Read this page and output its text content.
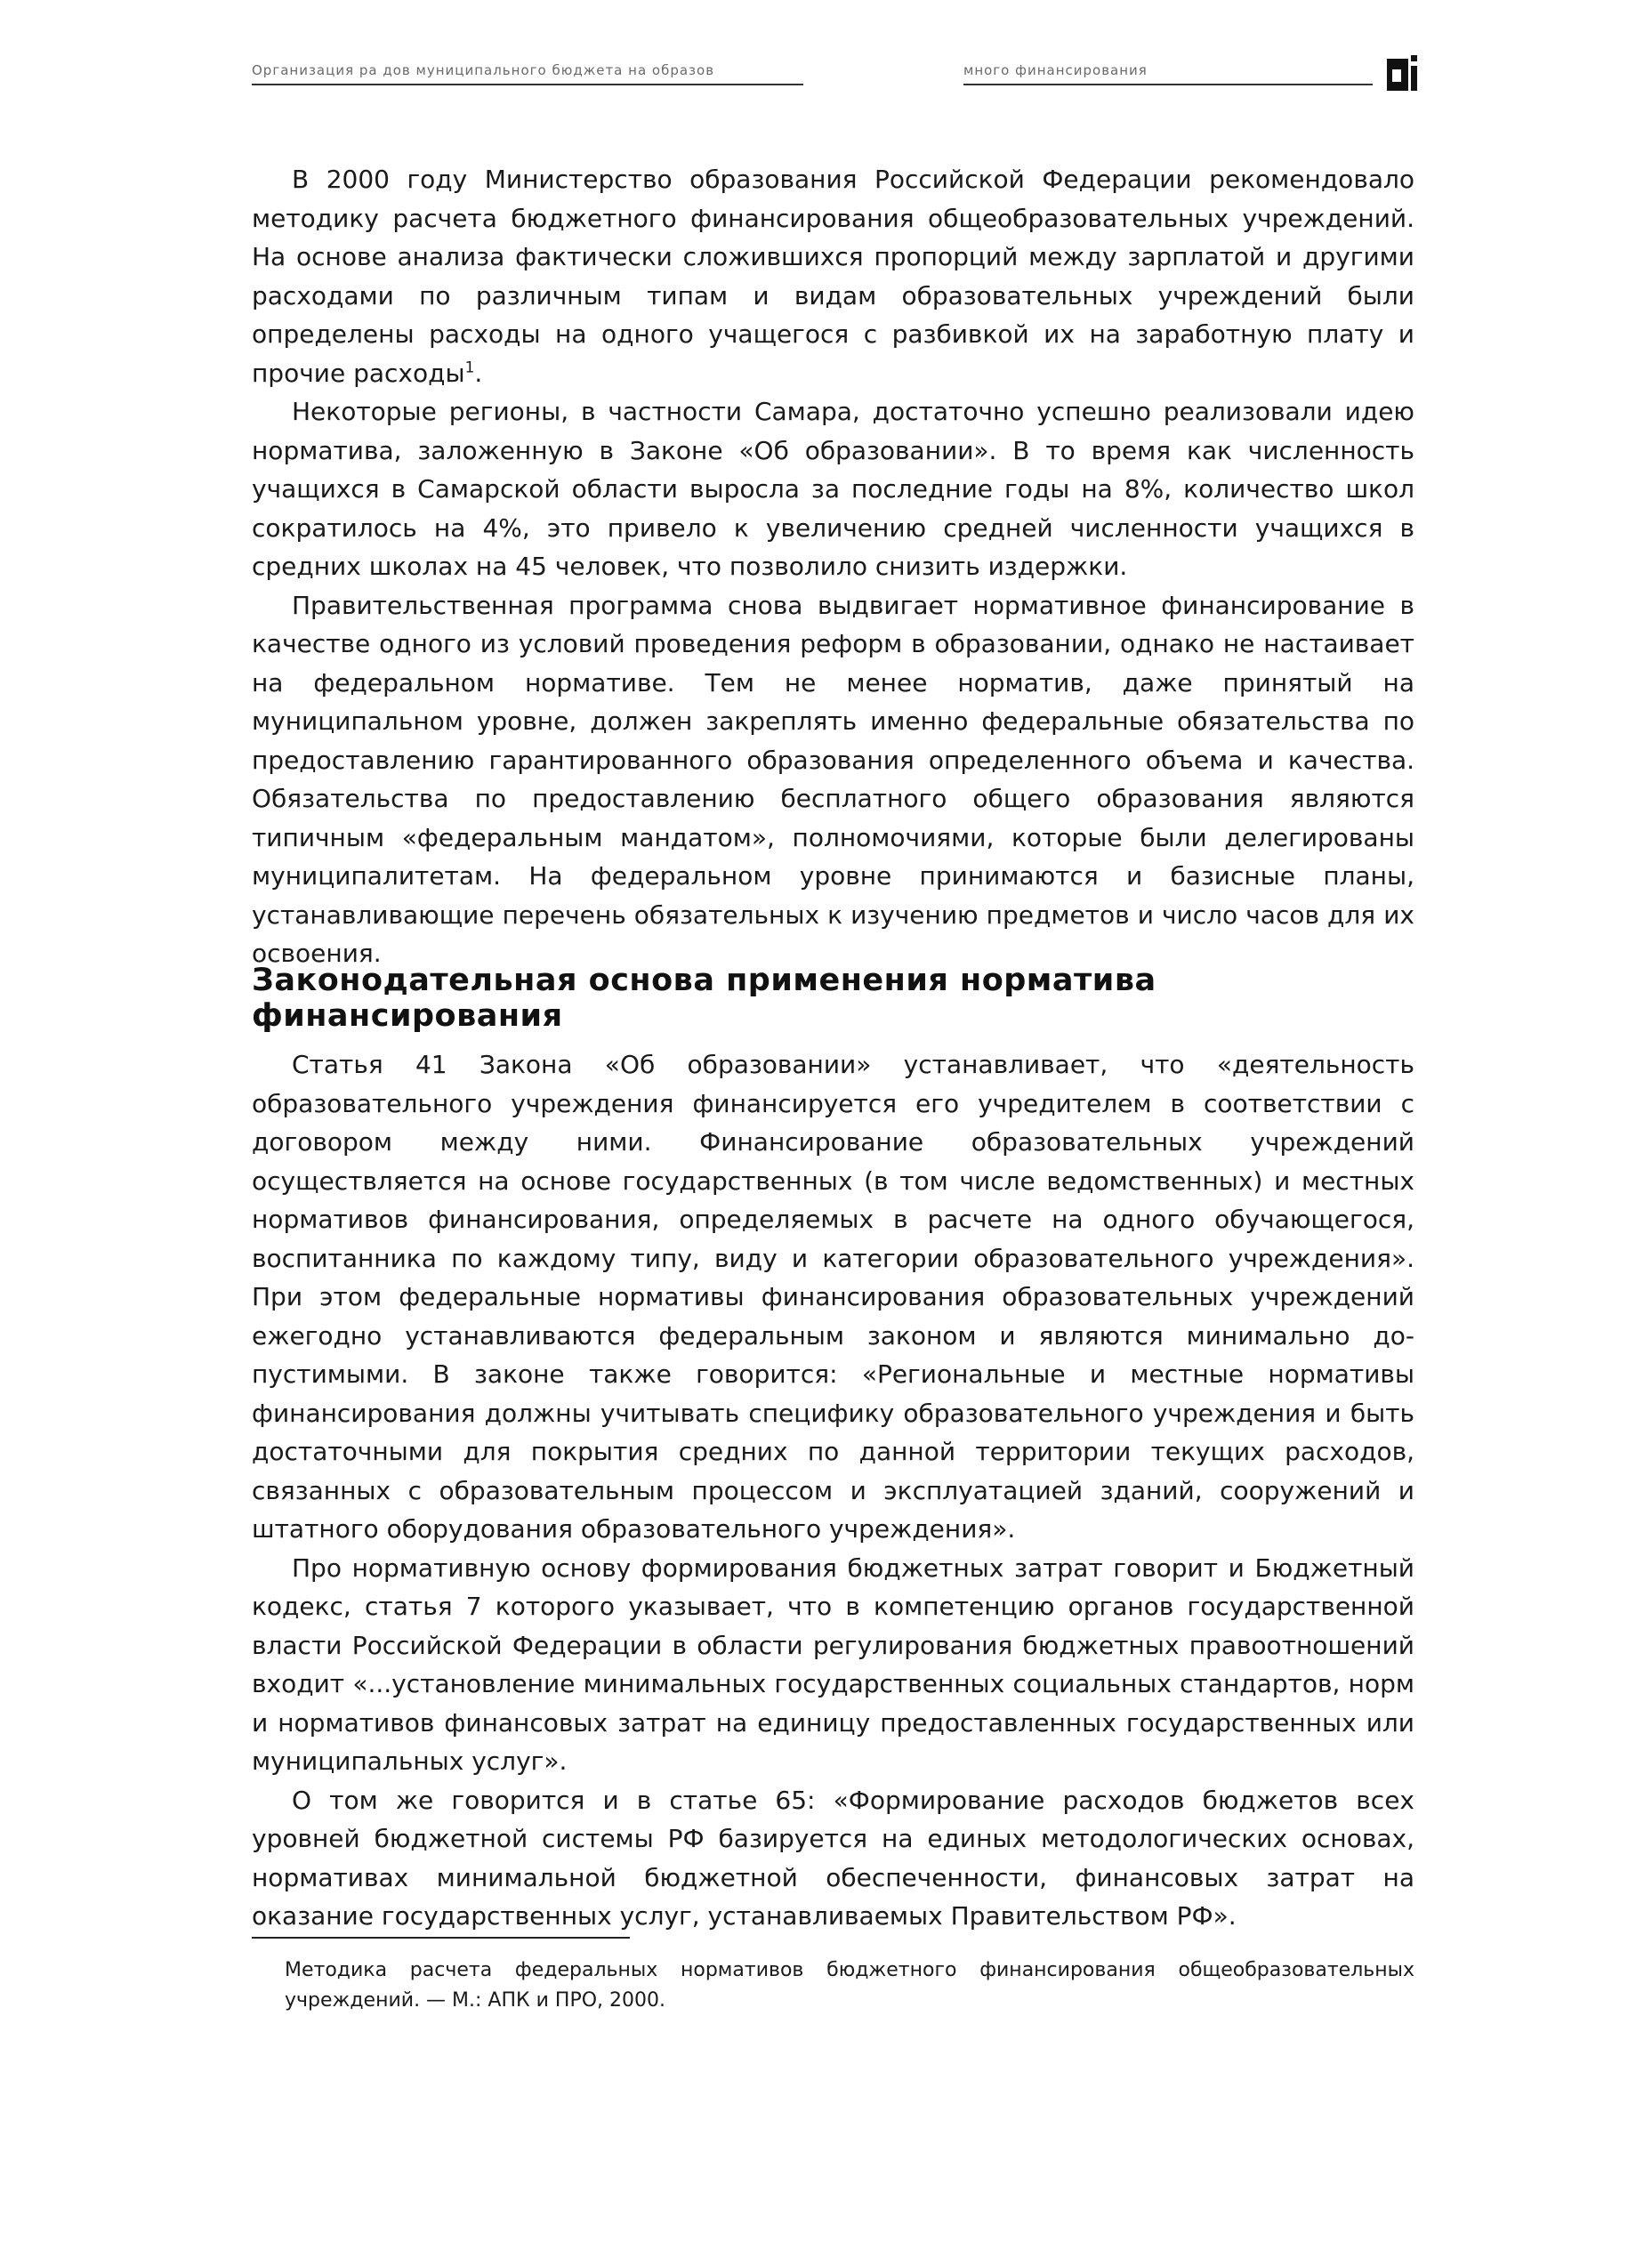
Организация ра дов муниципального бюджета на образов	много финансирования

В 2000 году Министерство образования Российской Федерации рекомендовало методику расчета бюджетного финансирования общеобразовательных учреждений. На основе анализа фактически сложившихся пропорций между зарплатой и другими расходами по различным типам и видам образовательных учреждений были определены расходы на одного учащегося с разбивкой их на заработную плату и прочие расходы$^1$.

Некоторые регионы, в частности Самара, достаточно успешно реализовали идею норматива, заложенную в Законе «Об образовании». В то время как численность учащихся в Самарской области выросла за последние годы на 8%, количество школ сократилось на 4%, это привело к увеличению средней численности учащихся в средних школах на 45 человек, что позволило снизить издержки.

Правительственная программа снова выдвигает нормативное финансирование в качестве одного из условий проведения реформ в образовании, однако не настаивает на федеральном нормативе. Тем не менее норматив, даже принятый на муниципальном уровне, должен закреплять именно федеральные обязательства по предоставлению гарантированного образования определенного объема и качества. Обязательства по предоставлению бесплатного общего образования являются типичным «федеральным мандатом», полномочиями, которые были делегированы муниципалитетам. На федеральном уровне принимаются и базисные планы, устанавливающие перечень обязательных к изучению предметов и число часов для их освоения.

Законодательная основа применения норматива финансирования

Статья 41 Закона «Об образовании» устанавливает, что «деятельность образовательного учреждения финансируется его учредителем в соответствии с договором между ними. Финансирование образовательных учреждений осуществляется на основе государственных (в том числе ведомственных) и местных нормативов финансирования, определяемых в расчете на одного обучающегося, воспитанника по каждому типу, виду и категории образовательного учреждения». При этом федеральные нормативы финансирования образовательных учреждений ежегодно устанавливаются федеральным законом и являются минимально допустимыми. В законе также говорится: «Региональные и местные нормативы финансирования должны учитывать специфику образовательного учреждения и быть достаточными для покрытия средних по данной территории текущих расходов, связанных с образовательным процессом и эксплуатацией зданий, сооружений и штатного оборудования образовательного учреждения».

Про нормативную основу формирования бюджетных затрат говорит и Бюджетный кодекс, статья 7 которого указывает, что в компетенцию органов государственной власти Российской Федерации в области регулирования бюджетных правоотношений входит «...установление минимальных государственных социальных стандартов, норм и нормативов финансовых затрат на единицу предоставленных государственных или муниципальных услуг».

О том же говорится и в статье 65: «Формирование расходов бюджетов всех уровней бюджетной системы РФ базируется на единых методологических основах, нормативах минимальной бюджетной обеспеченности, финансовых затрат на оказание государственных услуг, устанавливаемых Правительством РФ».

Методика расчета федеральных нормативов бюджетного финансирования общеобразовательных учреждений. — М.: АПК и ПРО, 2000.
